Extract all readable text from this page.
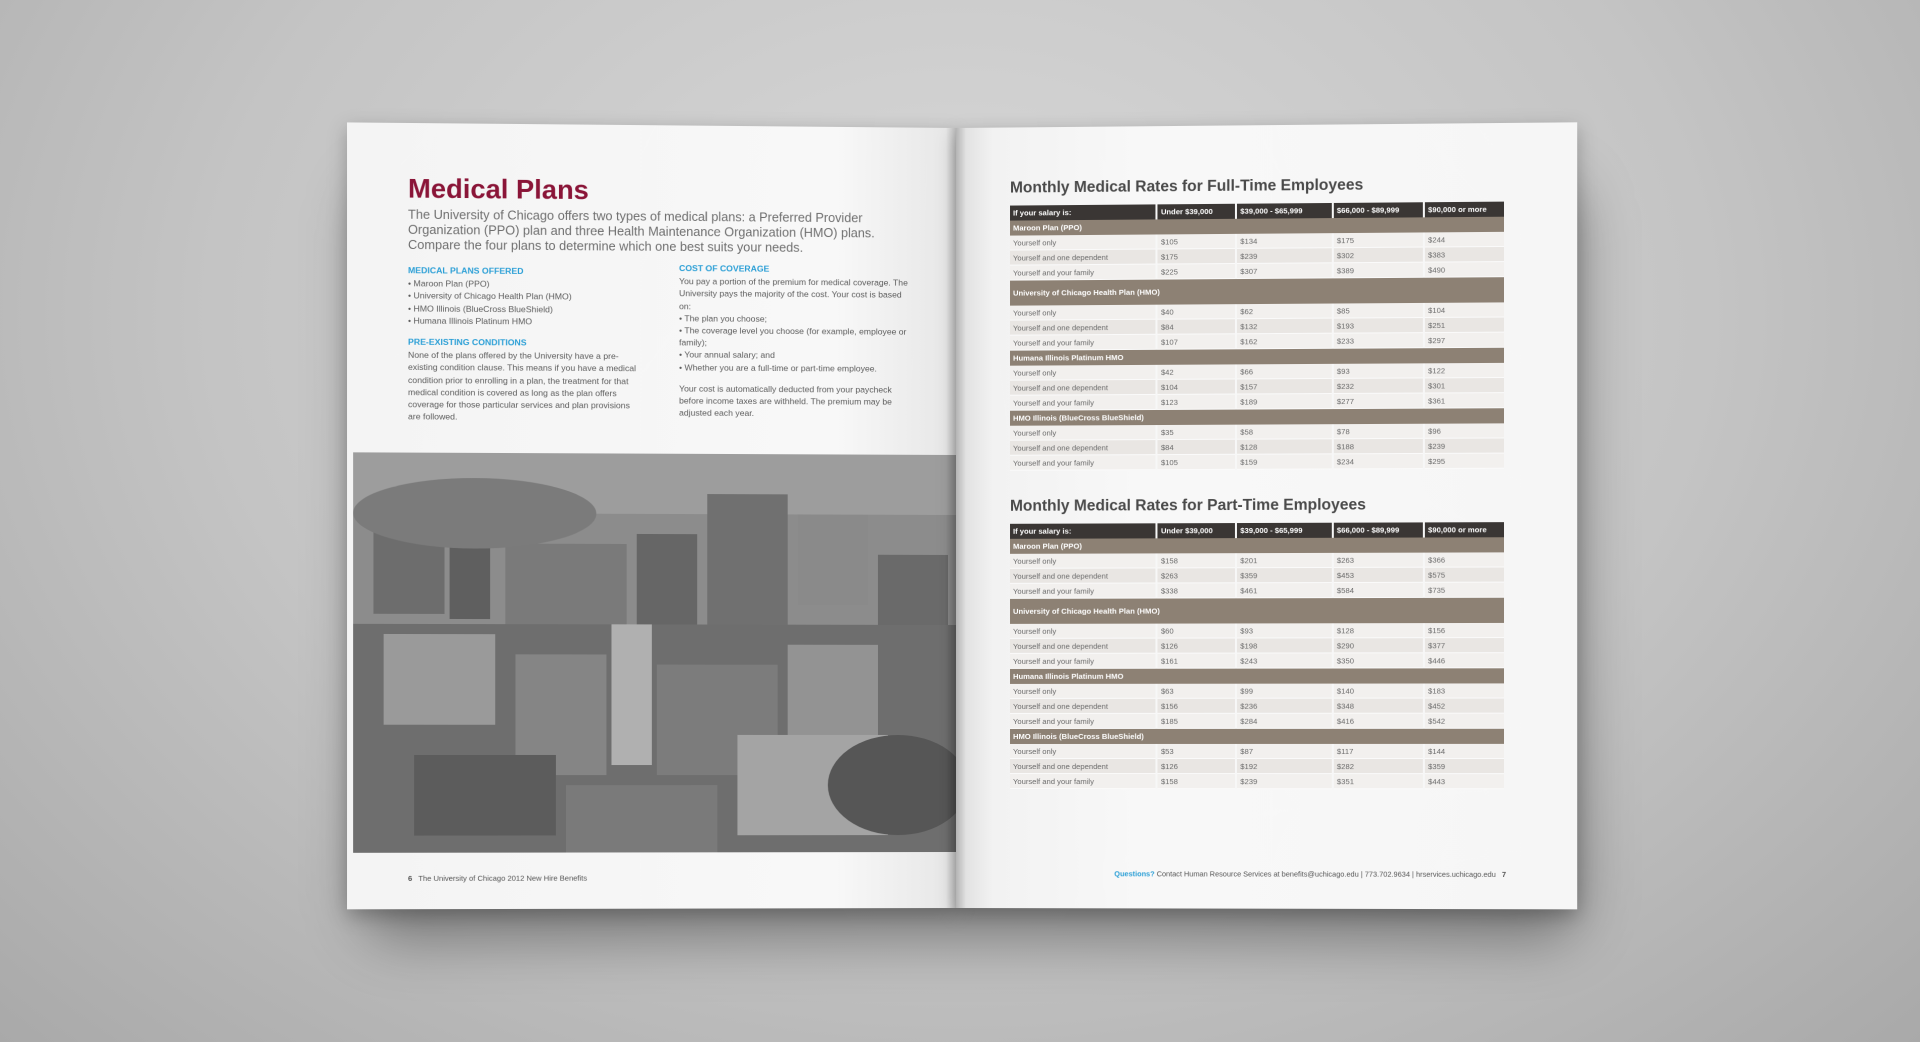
Medical Plans
The University of Chicago offers two types of medical plans: a Preferred Provider Organization (PPO) plan and three Health Maintenance Organization (HMO) plans. Compare the four plans to determine which one best suits your needs.
MEDICAL PLANS OFFERED
• Maroon Plan (PPO)
• University of Chicago Health Plan (HMO)
• HMO Illinois (BlueCross BlueShield)
• Humana Illinois Platinum HMO
PRE-EXISTING CONDITIONS

None of the plans offered by the University have a pre-existing condition clause. This means if you have a medical condition prior to enrolling in a plan, the treatment for that medical condition is covered as long as the plan offers coverage for those particular services and plan provisions are followed.

COST OF COVERAGE

You pay a portion of the premium for medical coverage. The University pays the majority of the cost. Your cost is based on:

• The plan you choose;
• The coverage level you choose (for example, employee or family);
• Your annual salary; and
• Whether you are a full-time or part-time employee.

Your cost is automatically deducted from your paycheck before income taxes are withheld. The premium may be adjusted each year.

6 The University of Chicago 2012 New Hire Benefits
Monthly Medical Rates for Full-Time Employees
If your salary is:	Under $39,000	$39,000 - $65,999	$66,000 - $89,999	$90,000 or more
Maroon Plan (PPO)				
Yourself only	$105	$134	$175	$244
Yourself and one dependent	$175	$239	$302	$383
Yourself and your family	$225	$307	$389	$490
University of Chicago Health Plan (HMO)				
Yourself only	$40	$62	$85	$104
Yourself and one dependent	$84	$132	$193	$251
Yourself and your family	$107	$162	$233	$297
Humana Illinois Platinum HMO				
Yourself only	$42	$66	$93	$122
Yourself and one dependent	$104	$157	$232	$301
Yourself and your family	$123	$189	$277	$361
HMO Illinois (BlueCross BlueShield)				
Yourself only	$35	$58	$78	$96
Yourself and one dependent	$84	$128	$188	$239
Yourself and your family	$105	$159	$234	$295
Monthly Medical Rates for Part-Time Employees
If your salary is:	Under $39,000	$39,000 - $65,999	$66,000 - $89,999	$90,000 or more
Maroon Plan (PPO)				
Yourself only	$158	$201	$263	$366
Yourself and one dependent	$263	$359	$453	$575
Yourself and your family	$338	$461	$584	$735
University of Chicago Health Plan (HMO)				
Yourself only	$60	$93	$128	$156
Yourself and one dependent	$126	$198	$290	$377
Yourself and your family	$161	$243	$350	$446
Humana Illinois Platinum HMO				
Yourself only	$63	$99	$140	$183
Yourself and one dependent	$156	$236	$348	$452
Yourself and your family	$185	$284	$416	$542
HMO Illinois (BlueCross BlueShield)				
Yourself only	$53	$87	$117	$144
Yourself and one dependent	$126	$192	$282	$359
Yourself and your family	$158	$239	$351	$443
Questions? Contact Human Resource Services at benefits@uchicago.edu | 773.702.9634 | hrservices.uchicago.edu 7
